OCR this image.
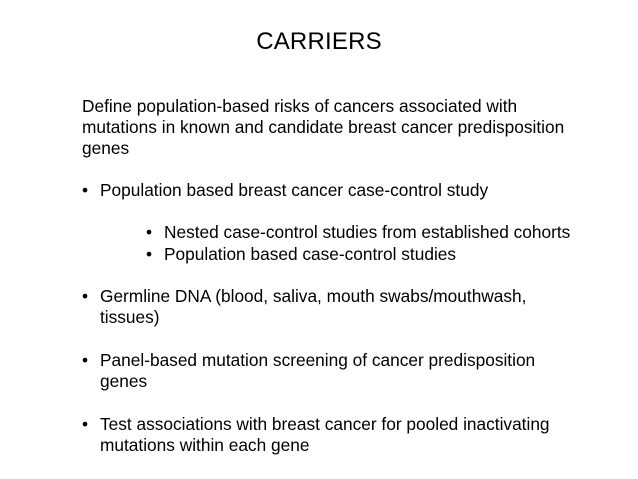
CARRIERS
Define population-based risks of cancers associated with
mutations in known and candidate breast cancer predisposition
genes
• Population based breast cancer case-control study
• Nested case-control studies from established cohorts
• Population based case-control studies
• Germline DNA (blood, saliva, mouth swabs/mouthwash,
tissues)
• Panel-based mutation screening of cancer predisposition
genes
• Test associations with breast cancer for pooled inactivating
mutations within each gene
